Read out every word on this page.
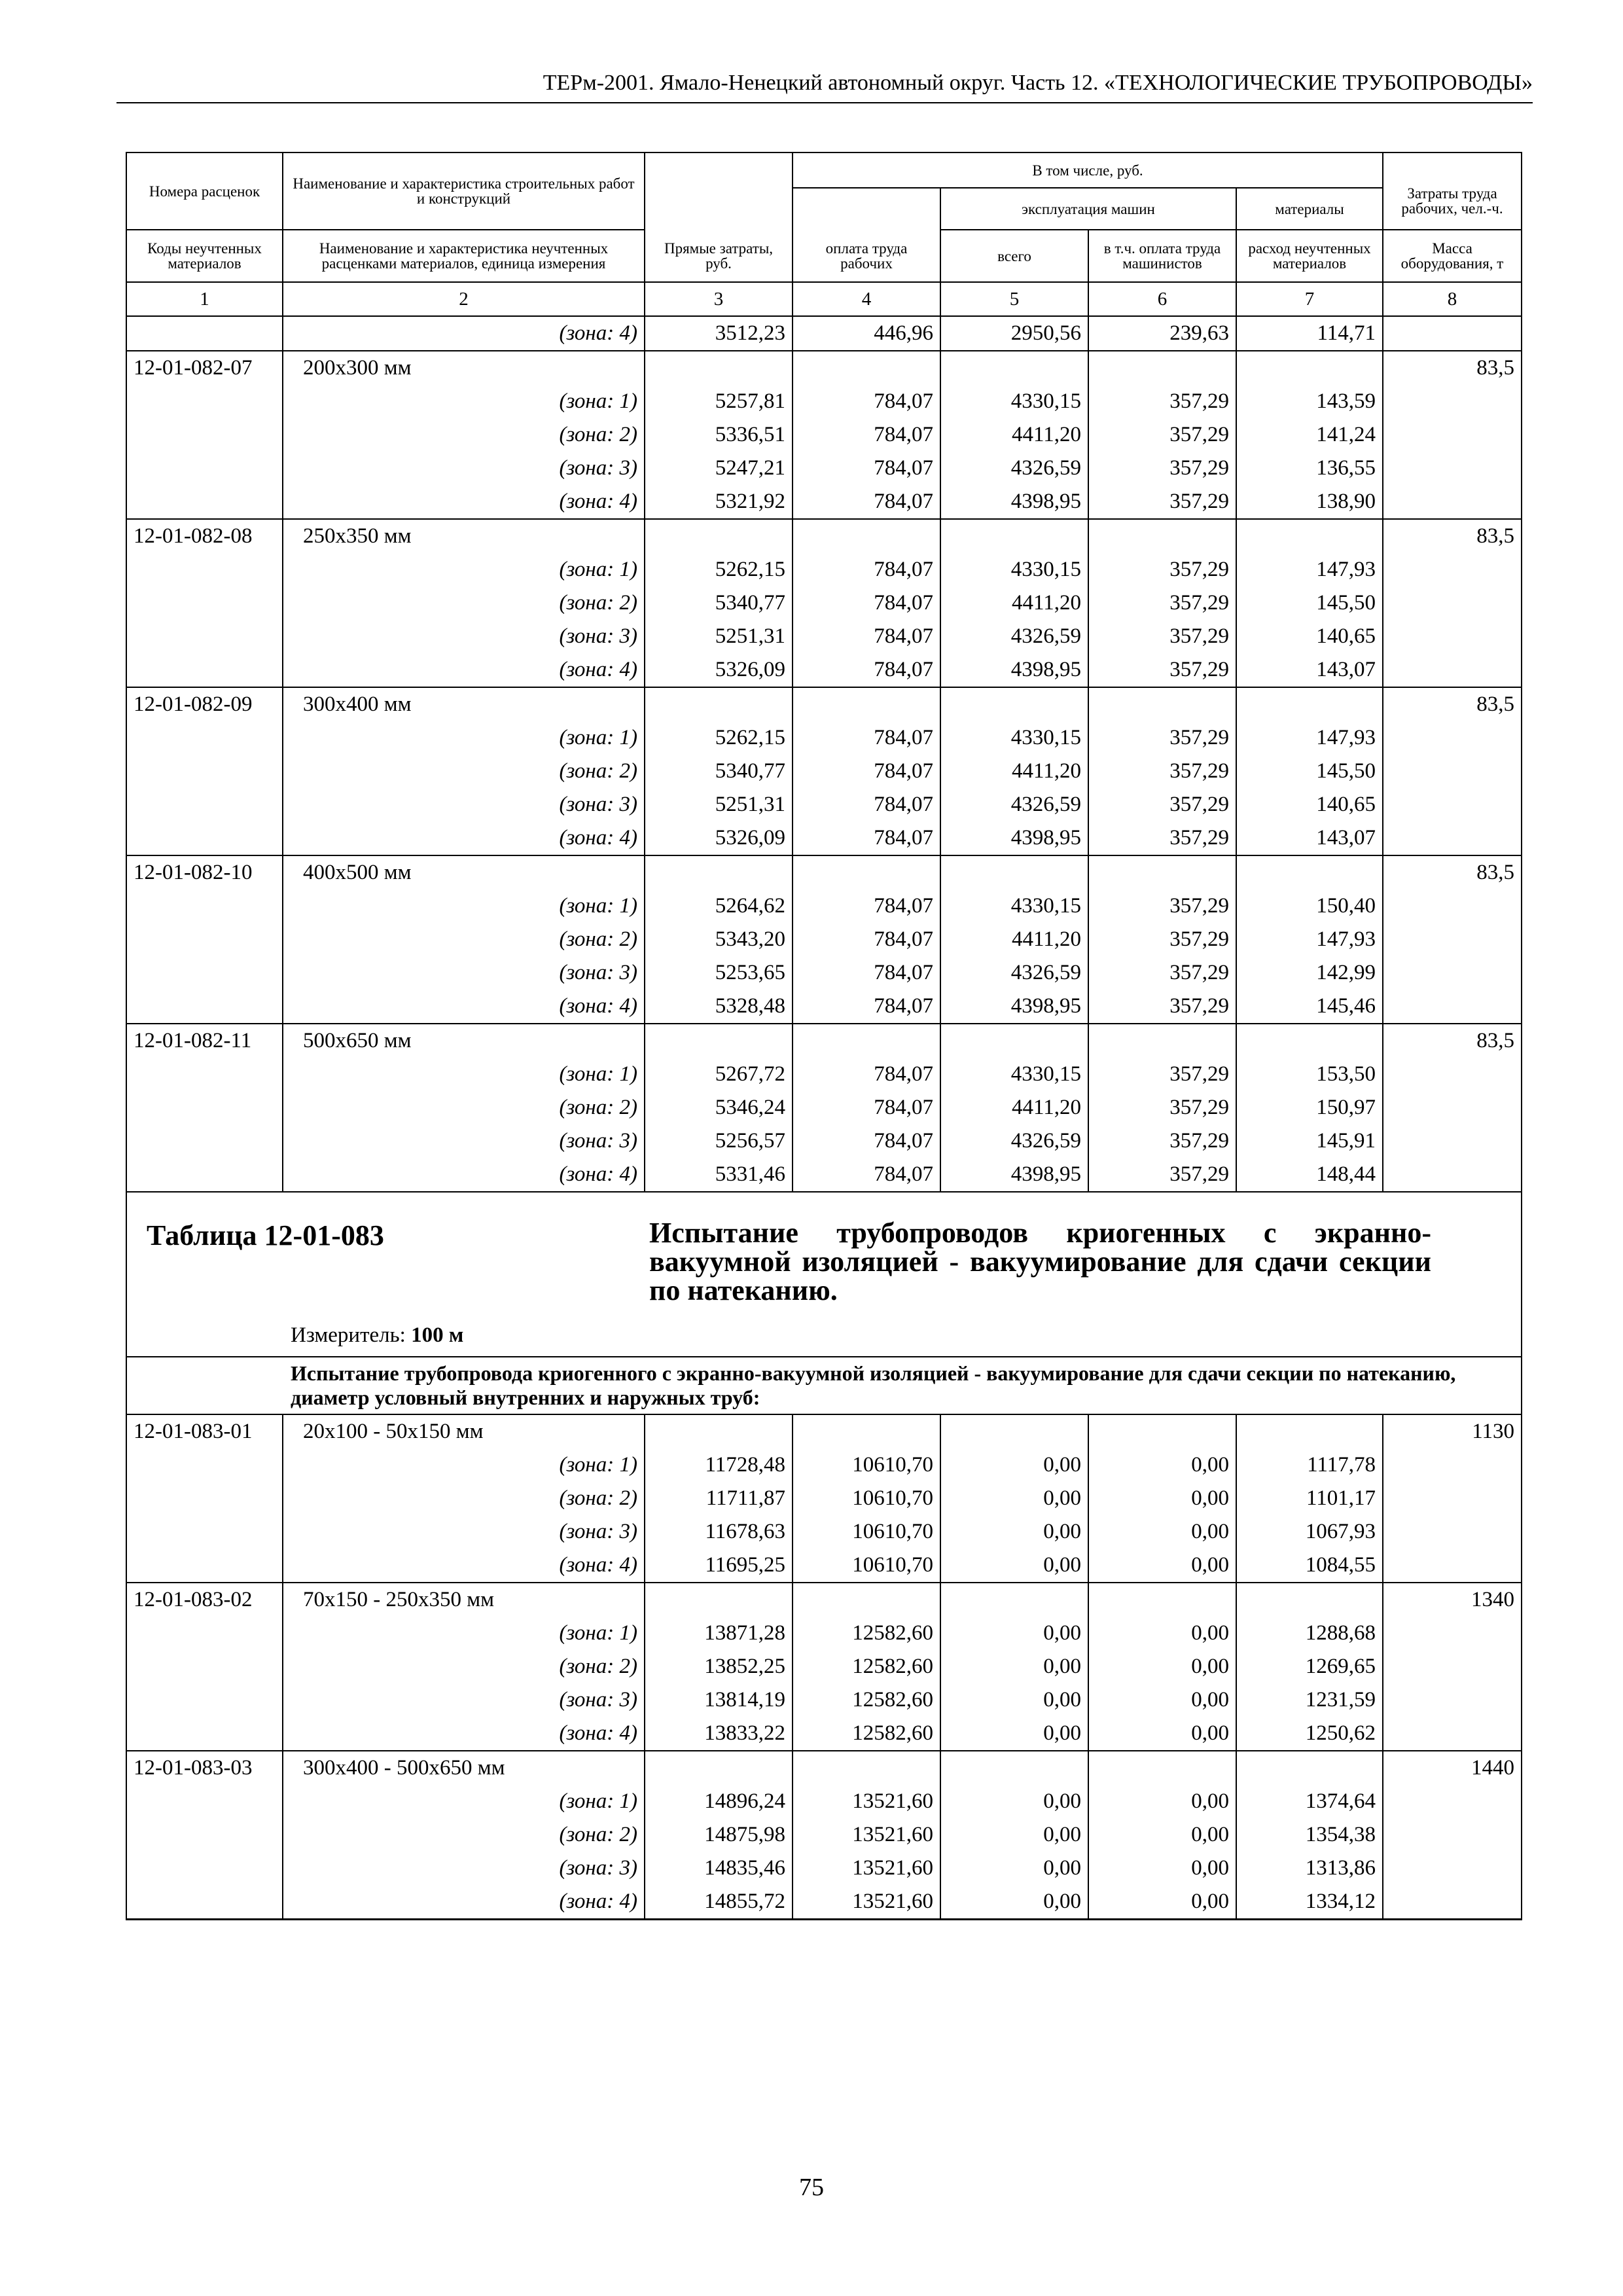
ТЕРм-2001. Ямало-Ненецкий автономный округ. Часть 12. «ТЕХНОЛОГИЧЕСКИЕ ТРУБОПРОВОДЫ»
Номера расценок	Наименование и характеристика строительных работ и конструкций	Прямые затраты, руб.	В том числе, руб.				Затраты труда рабочих, чел.-ч.
			оплата труда рабочих	эксплуатация машин		материалы	
Коды неучтенных материалов	Наименование и характеристика неучтенных расценками материалов, единица измерения			всего	в т.ч. оплата труда машинистов	расход неучтенных материалов	Масса оборудования, т
1	2	3	4	5	6	7	8
	(зона: 4)	3512,23	446,96	2950,56	239,63	114,71	
12-01-082-07	200х300 мм						83,5
	(зона: 1)	5257,81	784,07	4330,15	357,29	143,59	
	(зона: 2)	5336,51	784,07	4411,20	357,29	141,24	
	(зона: 3)	5247,21	784,07	4326,59	357,29	136,55	
	(зона: 4)	5321,92	784,07	4398,95	357,29	138,90	
12-01-082-08	250х350 мм						83,5
	(зона: 1)	5262,15	784,07	4330,15	357,29	147,93	
	(зона: 2)	5340,77	784,07	4411,20	357,29	145,50	
	(зона: 3)	5251,31	784,07	4326,59	357,29	140,65	
	(зона: 4)	5326,09	784,07	4398,95	357,29	143,07	
12-01-082-09	300х400 мм						83,5
	(зона: 1)	5262,15	784,07	4330,15	357,29	147,93	
	(зона: 2)	5340,77	784,07	4411,20	357,29	145,50	
	(зона: 3)	5251,31	784,07	4326,59	357,29	140,65	
	(зона: 4)	5326,09	784,07	4398,95	357,29	143,07	
12-01-082-10	400х500 мм						83,5
	(зона: 1)	5264,62	784,07	4330,15	357,29	150,40	
	(зона: 2)	5343,20	784,07	4411,20	357,29	147,93	
	(зона: 3)	5253,65	784,07	4326,59	357,29	142,99	
	(зона: 4)	5328,48	784,07	4398,95	357,29	145,46	
12-01-082-11	500х650 мм						83,5
	(зона: 1)	5267,72	784,07	4330,15	357,29	153,50	
	(зона: 2)	5346,24	784,07	4411,20	357,29	150,97	
	(зона: 3)	5256,57	784,07	4326,59	357,29	145,91	
	(зона: 4)	5331,46	784,07	4398,95	357,29	148,44	

Таблица 12-01-083 Испытание трубопроводов криогенных с экранно-вакуумной изоляцией - вакуумирование для сдачи секции по натеканию.
Измеритель: 100 м							

Испытание трубопровода криогенного с экранно-вакуумной изоляцией - вакуумирование для сдачи секции по натеканию, диаметр условный внутренних и наружных труб:							
12-01-083-01	20х100 - 50х150 мм						1130
	(зона: 1)	11728,48	10610,70	0,00	0,00	1117,78	
	(зона: 2)	11711,87	10610,70	0,00	0,00	1101,17	
	(зона: 3)	11678,63	10610,70	0,00	0,00	1067,93	
	(зона: 4)	11695,25	10610,70	0,00	0,00	1084,55	
12-01-083-02	70х150 - 250х350 мм						1340
	(зона: 1)	13871,28	12582,60	0,00	0,00	1288,68	
	(зона: 2)	13852,25	12582,60	0,00	0,00	1269,65	
	(зона: 3)	13814,19	12582,60	0,00	0,00	1231,59	
	(зона: 4)	13833,22	12582,60	0,00	0,00	1250,62	
12-01-083-03	300х400 - 500х650 мм						1440
	(зона: 1)	14896,24	13521,60	0,00	0,00	1374,64	
	(зона: 2)	14875,98	13521,60	0,00	0,00	1354,38	
	(зона: 3)	14835,46	13521,60	0,00	0,00	1313,86	
	(зона: 4)	14855,72	13521,60	0,00	0,00	1334,12	
75
